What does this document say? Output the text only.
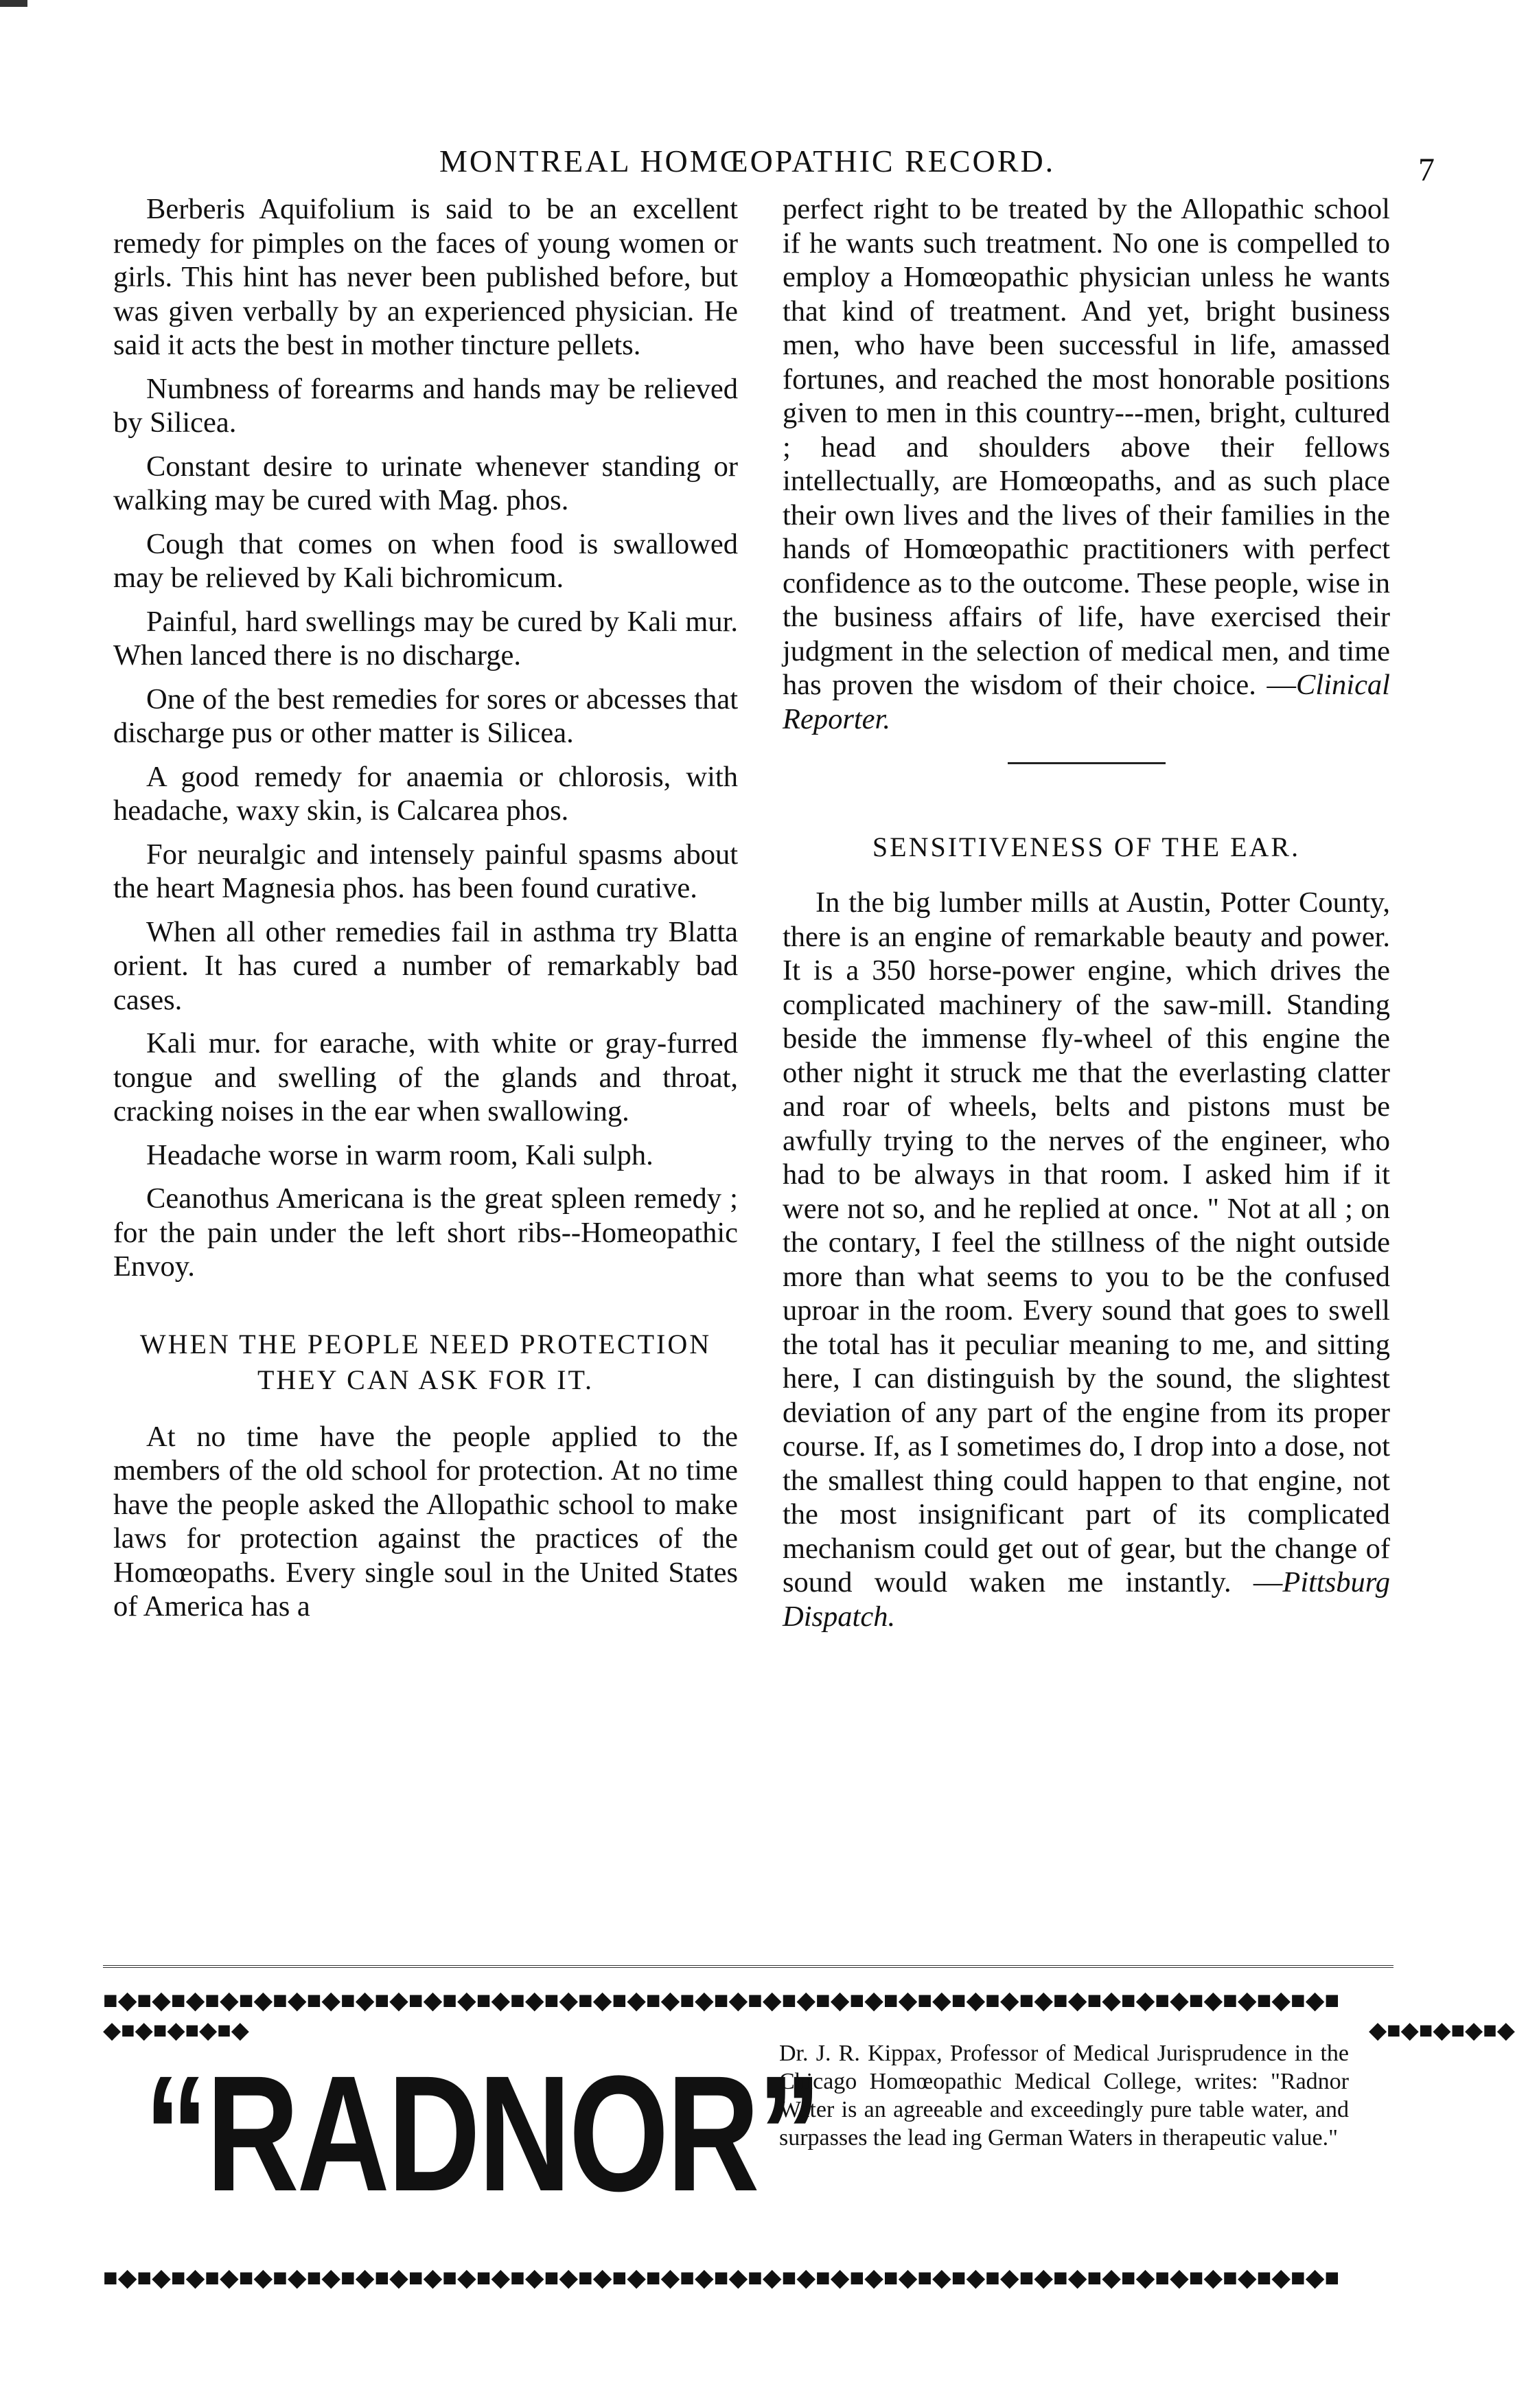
MONTREAL HOMŒOPATHIC RECORD.	7

Berberis Aquifolium is said to be an excellent remedy for pimples on the faces of young women or girls. This hint has never been published before, but was given verbally by an experienced physician. He said it acts the best in mother tincture pellets.

Numbness of forearms and hands may be relieved by Silicea.

Constant desire to urinate whenever standing or walking may be cured with Mag. phos.

Cough that comes on when food is swallowed may be relieved by Kali bichromicum.

Painful, hard swellings may be cured by Kali mur. When lanced there is no discharge.

One of the best remedies for sores or abcesses that discharge pus or other matter is Silicea.

A good remedy for anaemia or chlorosis, with headache, waxy skin, is Calcarea phos.

For neuralgic and intensely painful spasms about the heart Magnesia phos. has been found curative.

When all other remedies fail in asthma try Blatta orient. It has cured a number of remarkably bad cases.

Kali mur. for earache, with white or gray-furred tongue and swelling of the glands and throat, cracking noises in the ear when swallowing.

Headache worse in warm room, Kali sulph.

Ceanothus Americana is the great spleen remedy ; for the pain under the left short ribs--Homeopathic Envoy.

WHEN THE PEOPLE NEED PROTECTION THEY CAN ASK FOR IT.

At no time have the people applied to the members of the old school for protection. At no time have the people asked the Allopathic school to make laws for protection against the practices of the Homœopaths. Every single soul in the United States of America has a

perfect right to be treated by the Allopathic school if he wants such treatment. No one is compelled to employ a Homœopathic physician unless he wants that kind of treatment. And yet, bright business men, who have been successful in life, amassed fortunes, and reached the most honorable positions given to men in this country---men, bright, cultured ; head and shoulders above their fellows intellectually, are Homœopaths, and as such place their own lives and the lives of their families in the hands of Homœopathic practitioners with perfect confidence as to the outcome. These people, wise in the business affairs of life, have exercised their judgment in the selection of medical men, and time has proven the wisdom of their choice. —Clinical Reporter.

SENSITIVENESS OF THE EAR.

In the big lumber mills at Austin, Potter County, there is an engine of remarkable beauty and power. It is a 350 horse-power engine, which drives the complicated machinery of the saw-mill. Standing beside the immense fly-wheel of this engine the other night it struck me that the everlasting clatter and roar of wheels, belts and pistons must be awfully trying to the nerves of the engineer, who had to be always in that room. I asked him if it were not so, and he replied at once. " Not at all ; on the contary, I feel the stillness of the night outside more than what seems to you to be the confused uproar in the room. Every sound that goes to swell the total has it peculiar meaning to me, and sitting here, I can distinguish by the sound, the slightest deviation of any part of the engine from its proper course. If, as I sometimes do, I drop into a dose, not the smallest thing could happen to that engine, not the most insignificant part of its complicated mechanism could get out of gear, but the change of sound would waken me instantly. —Pittsburg Dispatch.

■◆■◆■◆■◆■◆■◆■◆■◆■◆■◆■◆■◆■◆■◆■◆■◆■◆■◆■◆■◆■◆■◆■◆■◆■◆■◆■◆■◆■◆■◆■◆■◆■◆■◆■◆■◆■
◆■◆■◆■◆■◆	◆■◆■◆■◆■◆
“RADNOR”
Dr. J. R. Kippax, Professor of Medical Jurisprudence in the Chicago Homœopathic Medical College, writes: "Radnor Water is an agreeable and exceedingly pure table water, and surpasses the lead ing German Waters in therapeutic value."
■◆■◆■◆■◆■◆■◆■◆■◆■◆■◆■◆■◆■◆■◆■◆■◆■◆■◆■◆■◆■◆■◆■◆■◆■◆■◆■◆■◆■◆■◆■◆■◆■◆■◆■◆■◆■
